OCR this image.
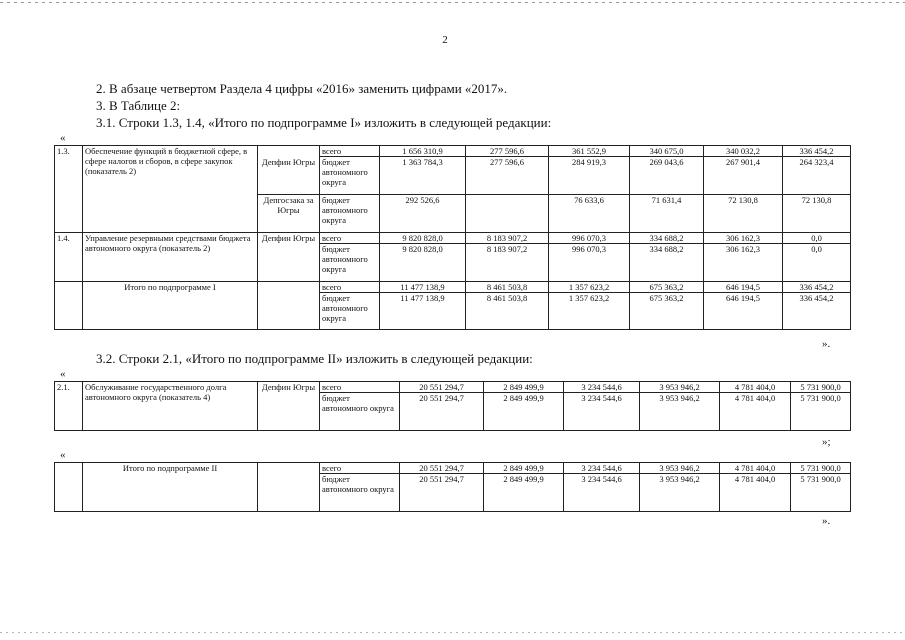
2
2. В абзаце четвертом Раздела 4 цифры «2016» заменить цифрами «2017».
3. В Таблице 2:
3.1. Строки 1.3, 1.4, «Итого по подпрограмме I» изложить в следующей редакции:
«
1.3.	Обеспечение функций в бюджетной сфере, в сфере налогов и сборов, в сфере закупок (показатель 2)		всего	1 656 310,9	277 596,6	361 552,9	340 675,0	340 032,2	336 454,2
		Депфин Югры	бюджет автономного округа	1 363 784,3	277 596,6	284 919,3	269 043,6	267 901,4	264 323,4
		Депгосзака за Югры	бюджет автономного округа	292 526,6		76 633,6	71 631,4	72 130,8	72 130,8
1.4.	Управление резервными средствами бюджета автономного округа (показатель 2)	Депфин Югры	всего	9 820 828,0	8 183 907,2	996 070,3	334 688,2	306 162,3	0,0
			бюджет автономного округа	9 820 828,0	8 183 907,2	996 070,3	334 688,2	306 162,3	0,0
	Итого по подпрограмме I		всего	11 477 138,9	8 461 503,8	1 357 623,2	675 363,2	646 194,5	336 454,2
			бюджет автономного округа	11 477 138,9	8 461 503,8	1 357 623,2	675 363,2	646 194,5	336 454,2
».
3.2. Строки 2.1, «Итого по подпрограмме II» изложить в следующей редакции:
«
2.1.	Обслуживание государственного долга автономного округа (показатель 4)	Депфин Югры	всего	20 551 294,7	2 849 499,9	3 234 544,6	3 953 946,2	4 781 404,0	5 731 900,0
			бюджет автономного округа	20 551 294,7	2 849 499,9	3 234 544,6	3 953 946,2	4 781 404,0	5 731 900,0
»;
«
	Итого по подпрограмме II		всего	20 551 294,7	2 849 499,9	3 234 544,6	3 953 946,2	4 781 404,0	5 731 900,0
			бюджет автономного округа	20 551 294,7	2 849 499,9	3 234 544,6	3 953 946,2	4 781 404,0	5 731 900,0
».
